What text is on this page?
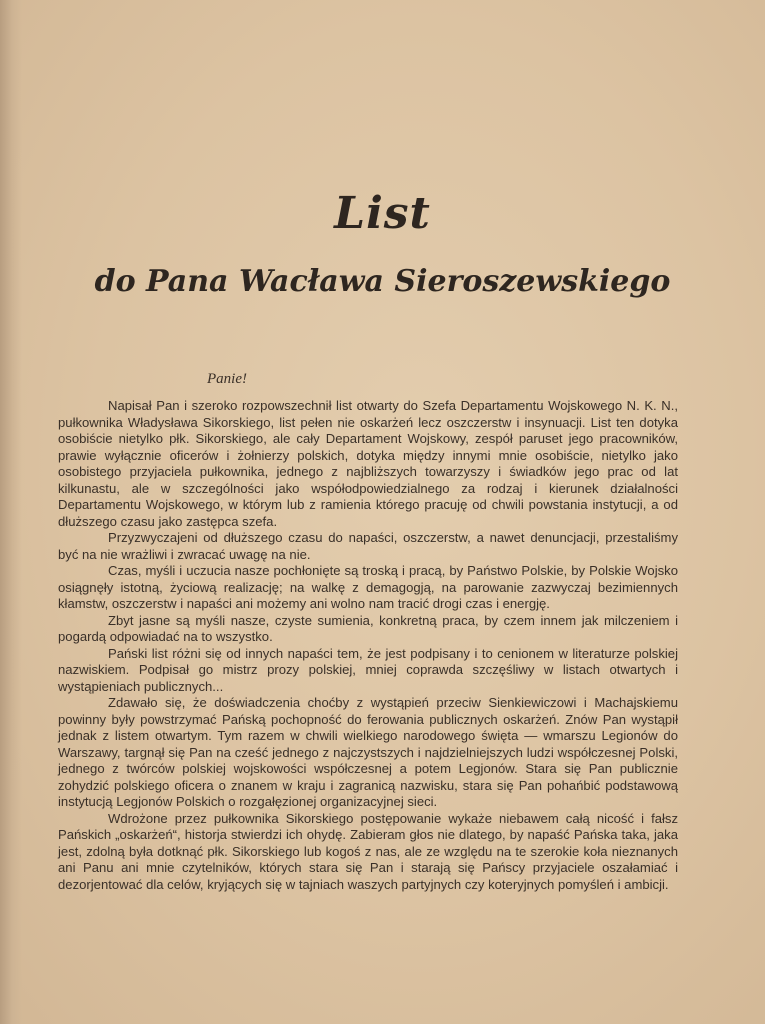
List
do Pana Wacława Sieroszewskiego
Panie!

Napisał Pan i szeroko rozpowszechnił list otwarty do Szefa Departamentu Wojskowego N. K. N., pułkownika Władysława Sikorskiego, list pełen nie oskarżeń lecz oszczerstw i insynuacji. List ten dotyka osobiście nietylko płk. Sikorskiego, ale cały Departament Wojskowy, zespół paruset jego pracowników, prawie wyłącznie oficerów i żołnierzy polskich, dotyka między innymi mnie osobiście, nietylko jako osobistego przyjaciela pułkownika, jednego z najbliższych towarzyszy i świadków jego prac od lat kilkunastu, ale w szczególności jako współodpowiedzialnego za rodzaj i kierunek działalności Departamentu Wojskowego, w którym lub z ramienia którego pracuję od chwili powstania instytucji, a od dłuższego czasu jako zastępca szefa.

Przyzwyczajeni od dłuższego czasu do napaści, oszczerstw, a nawet denuncjacji, przestaliśmy być na nie wrażliwi i zwracać uwagę na nie.

Czas, myśli i uczucia nasze pochłonięte są troską i pracą, by Państwo Polskie, by Polskie Wojsko osiągnęły istotną, życiową realizację; na walkę z demagogją, na parowanie zazwyczaj bezimiennych kłamstw, oszczerstw i napaści ani możemy ani wolno nam tracić drogi czas i energję.

Zbyt jasne są myśli nasze, czyste sumienia, konkretną praca, by czem innem jak milczeniem i pogardą odpowiadać na to wszystko.

Pański list różni się od innych napaści tem, że jest podpisany i to cenionem w literaturze polskiej nazwiskiem. Podpisał go mistrz prozy polskiej, mniej coprawda szczęśliwy w listach otwartych i wystąpieniach publicznych...

Zdawało się, że doświadczenia choćby z wystąpień przeciw Sienkiewiczowi i Machajskiemu powinny były powstrzymać Pańską pochopność do ferowania publicznych oskarżeń. Znów Pan wystąpił jednak z listem otwartym. Tym razem w chwili wielkiego narodowego święta — wmarszu Legionów do Warszawy, targnął się Pan na cześć jednego z najczystszych i najdzielniejszych ludzi współczesnej Polski, jednego z twórców polskiej wojskowości współczesnej a potem Legjonów. Stara się Pan publicznie zohydzić polskiego oficera o znanem w kraju i zagranicą nazwisku, stara się Pan pohańbić podstawową instytucją Legjonów Polskich o rozgałęzionej organizacyjnej sieci.

Wdrożone przez pułkownika Sikorskiego postępowanie wykaże niebawem całą nicość i fałsz Pańskich „oskarżeń“, historja stwierdzi ich ohydę. Zabieram głos nie dlatego, by napaść Pańska taka, jaka jest, zdolną była dotknąć płk. Sikorskiego lub kogoś z nas, ale ze względu na te szerokie koła nieznanych ani Panu ani mnie czytelników, których stara się Pan i starają się Pańscy przyjaciele oszałamiać i dezorjentować dla celów, kryjących się w tajniach waszych partyjnych czy koteryjnych pomyśleń i ambicji.
